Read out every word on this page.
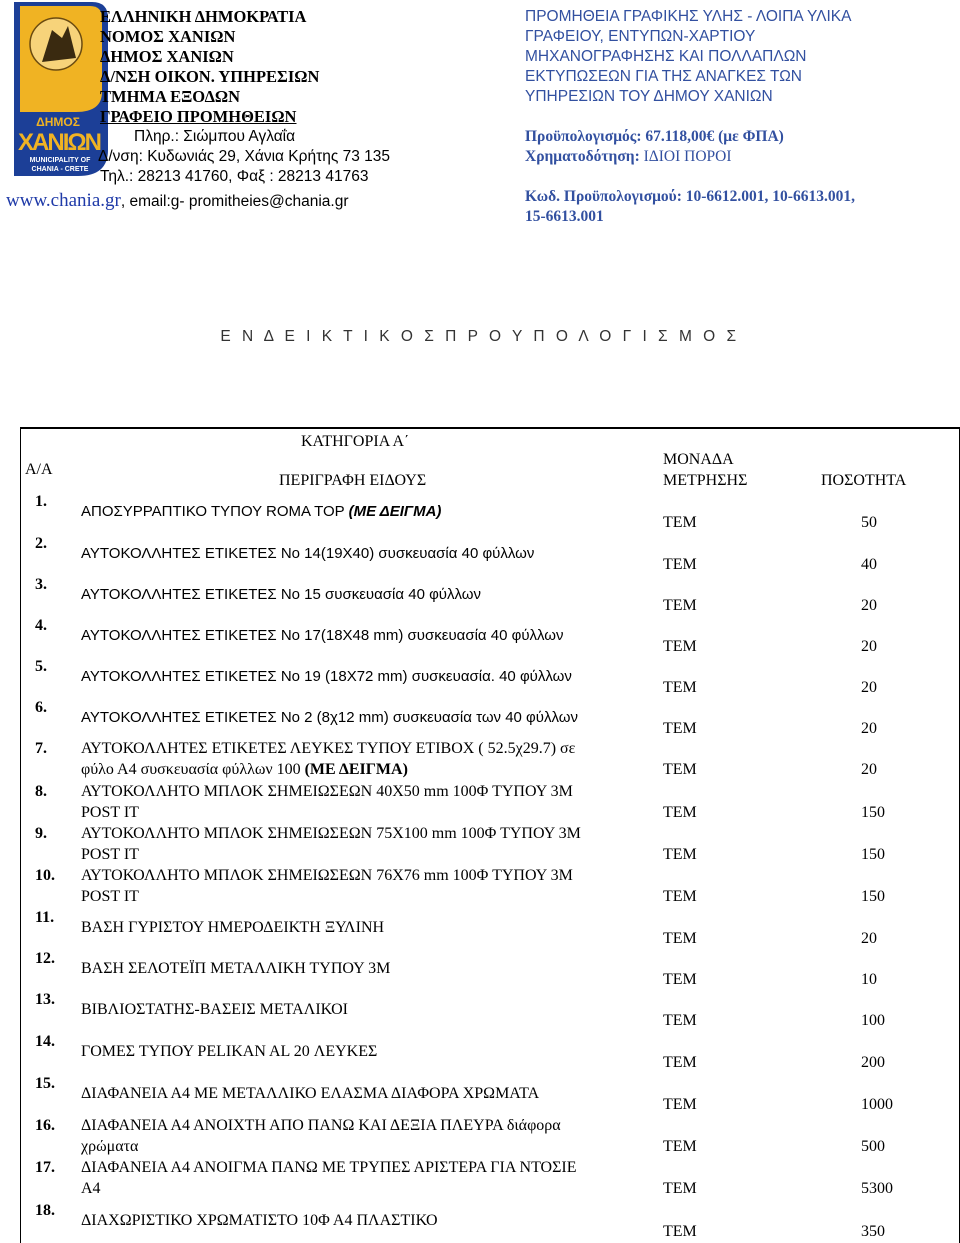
ΔΗΜΟΣ
ΧΑΝΙΩΝ
MUNICIPALITY OF
CHANIA - CRETE
ΕΛΛΗΝΙΚΗ ΔΗΜΟΚΡΑΤΙΑ
ΝΟΜΟΣ ΧΑΝΙΩΝ
ΔΗΜΟΣ ΧΑΝΙΩΝ
Δ/ΝΣΗ ΟΙΚΟΝ. ΥΠΗΡΕΣΙΩΝ
ΤΜΗΜΑ ΕΞΟΔΩΝ
ΓΡΑΦΕΙΟ ΠΡΟΜΗΘΕΙΩΝ
Πληρ.: Σιώμπου Αγλαΐα
Δ/νση: Κυδωνιάς 29, Χάνια Κρήτης 73 135
Τηλ.: 28213 41760, Φαξ : 28213 41763
www.chania.gr, email:g- promitheies@chania.gr
ΠΡΟΜΗΘΕΙΑ ΓΡΑΦΙΚΗΣ ΥΛΗΣ - ΛΟΙΠΑ ΥΛΙΚΑ
ΓΡΑΦΕΙΟΥ, ΕΝΤΥΠΩΝ-ΧΑΡΤΙΟΥ
ΜΗΧΑΝΟΓΡΑΦΗΣΗΣ ΚΑΙ ΠΟΛΛΑΠΛΩΝ
ΕΚΤΥΠΩΣΕΩΝ ΓΙΑ ΤΗΣ ΑΝΑΓΚΕΣ ΤΩΝ
ΥΠΗΡΕΣΙΩΝ ΤΟΥ ΔΗΜΟΥ ΧΑΝΙΩΝ
Προϋπολογισμός: 67.118,00€ (με ΦΠΑ)
Χρηματοδότηση: ΙΔΙΟΙ ΠΟΡΟΙ
Κωδ. Προϋπολογισμού: 10-6612.001, 10-6613.001,
15-6613.001
Ε Ν Δ Ε Ι Κ Τ Ι Κ Ο Σ Π Ρ Ο Υ Π Ο Λ Ο Γ Ι Σ Μ Ο Σ
ΚΑΤΗΓΟΡΙΑ Α΄
Α/Α
ΠΕΡΙΓΡΑΦΗ ΕΙΔΟΥΣ
ΜΟΝΑΔΑ
ΜΕΤΡΗΣΗΣ	ΠΟΣΟΤΗΤΑ
1.
ΑΠΟΣΥΡΡΑΠΤΙΚΟ ΤΥΠΟΥ ROMA TOP (ΜΕ ΔΕΙΓΜΑ)
ΤΕΜ	50
2.
ΑΥΤΟΚΟΛΛΗΤΕΣ ΕΤΙΚΕΤΕΣ Νο 14(19Χ40) συσκευασία 40 φύλλων
ΤΕΜ	40
3.
ΑΥΤΟΚΟΛΛΗΤΕΣ ΕΤΙΚΕΤΕΣ Νο 15 συσκευασία 40 φύλλων
ΤΕΜ	20
4.
ΑΥΤΟΚΟΛΛΗΤΕΣ ΕΤΙΚΕΤΕΣ Νο 17(18Χ48 mm) συσκευασία 40 φύλλων
ΤΕΜ	20
5.
ΑΥΤΟΚΟΛΛΗΤΕΣ ΕΤΙΚΕΤΕΣ Νο 19 (18Χ72 mm) συσκευασία. 40 φύλλων
ΤΕΜ	20
6.
ΑΥΤΟΚΟΛΛΗΤΕΣ ΕΤΙΚΕΤΕΣ Νο 2 (8χ12 mm) συσκευασία των 40 φύλλων
ΤΕΜ	20
7. ΑΥΤΟΚΟΛΛΗΤΕΣ ΕΤΙΚΕΤΕΣ ΛΕΥΚΕΣ ΤΥΠΟΥ ΕΤΙΒΟΧ ( 52.5χ29.7) σε
φύλο Α4 συσκευασία φύλλων 100 (ΜΕ ΔΕΙΓΜΑ)	ΤΕΜ	20
8. ΑΥΤΟΚΟΛΛΗΤΟ ΜΠΛΟΚ ΣΗΜΕΙΩΣΕΩΝ 40Χ50 mm 100Φ ΤΥΠΟΥ 3Μ
POST IT	ΤΕΜ	150
9. ΑΥΤΟΚΟΛΛΗΤΟ ΜΠΛΟΚ ΣΗΜΕΙΩΣΕΩΝ 75Χ100 mm 100Φ ΤΥΠΟΥ 3Μ
POST IT	ΤΕΜ	150
10. ΑΥΤΟΚΟΛΛΗΤΟ ΜΠΛΟΚ ΣΗΜΕΙΩΣΕΩΝ 76Χ76 mm 100Φ ΤΥΠΟΥ 3Μ
POST IT	ΤΕΜ	150
11.
ΒΑΣΗ ΓΥΡΙΣΤΟΥ ΗΜΕΡΟΔΕΙΚΤΗ ΞΥΛΙΝΗ
ΤΕΜ	20
12.
ΒΑΣΗ ΣΕΛΟΤΕΪΠ ΜΕΤΑΛΛΙΚΗ ΤΥΠΟΥ 3Μ
ΤΕΜ	10
13.
ΒΙΒΛΙΟΣΤΑΤΗΣ-ΒΑΣΕΙΣ ΜΕΤΑΛΙΚΟΙ
ΤΕΜ	100
14.
ΓΟΜΕΣ ΤΥΠΟΥ PELIKAN AL 20 ΛΕΥΚΕΣ
ΤΕΜ	200
15.
ΔΙΑΦΑΝΕΙΑ Α4 ΜΕ ΜΕΤΑΛΛΙΚΟ ΕΛΑΣΜΑ ΔΙΑΦΟΡΑ ΧΡΩΜΑΤΑ
ΤΕΜ	1000
16. ΔΙΑΦΑΝΕΙΑ Α4 ΑΝΟΙΧΤΗ ΑΠΟ ΠΑΝΩ ΚΑΙ ΔΕΞΙΑ ΠΛΕΥΡΑ διάφορα
χρώματα	ΤΕΜ	500
17. ΔΙΑΦΑΝΕΙΑ Α4 ΑΝΟΙΓΜΑ ΠΑΝΩ ΜΕ ΤΡΥΠΕΣ ΑΡΙΣΤΕΡΑ ΓΙΑ ΝΤΟΣΙΕ
Α4	ΤΕΜ	5300
18.
ΔΙΑΧΩΡΙΣΤΙΚΟ ΧΡΩΜΑΤΙΣΤΟ 10Φ Α4 ΠΛΑΣΤΙΚΟ
ΤΕΜ	350
